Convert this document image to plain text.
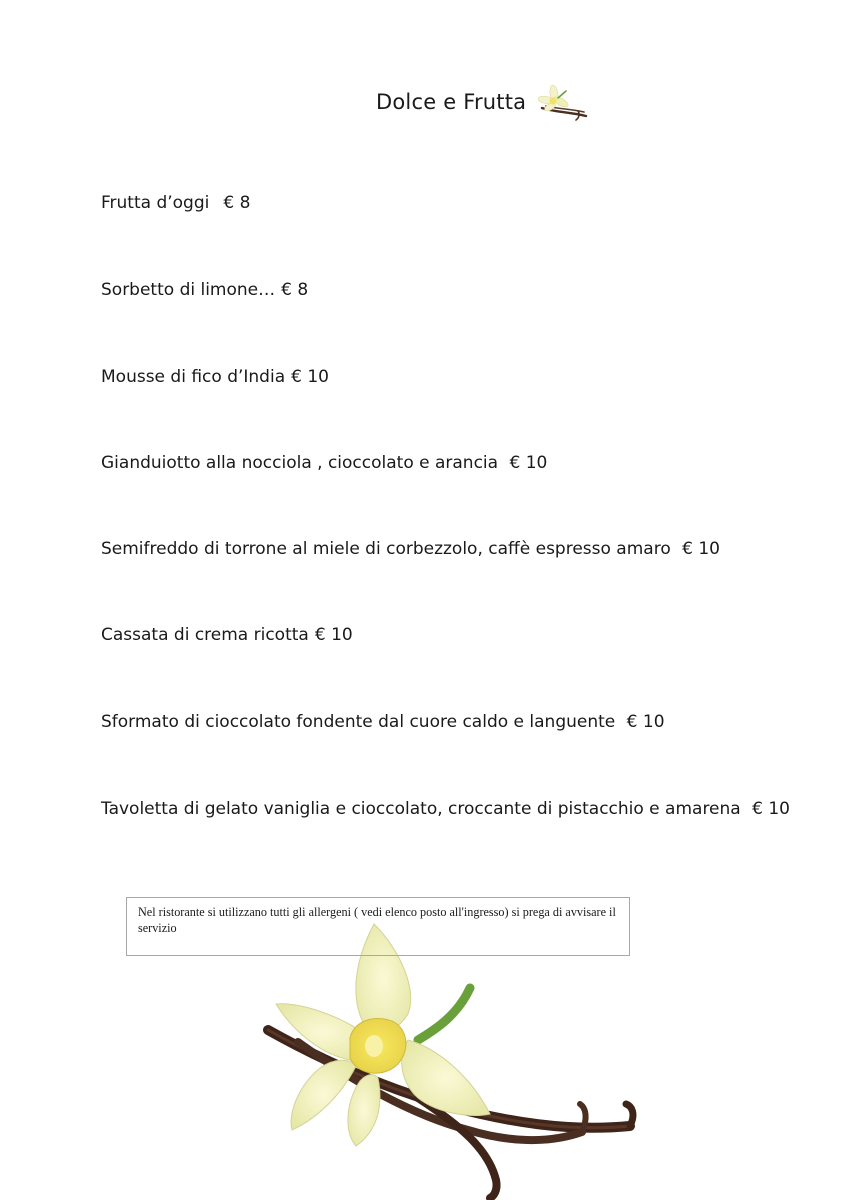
Dolce e Frutta
Frutta d’oggi € 8
Sorbetto di limone… € 8
Mousse di fico d’India € 10
Gianduiotto alla nocciola , cioccolato e arancia € 10
Semifreddo di torrone al miele di corbezzolo, caffè espresso amaro € 10
Cassata di crema ricotta € 10
Sformato di cioccolato fondente dal cuore caldo e languente € 10
Tavoletta di gelato vaniglia e cioccolato, croccante di pistacchio e amarena € 10
Nel ristorante si utilizzano tutti gli allergeni ( vedi elenco posto all'ingresso) si prega di avvisare il servizio
